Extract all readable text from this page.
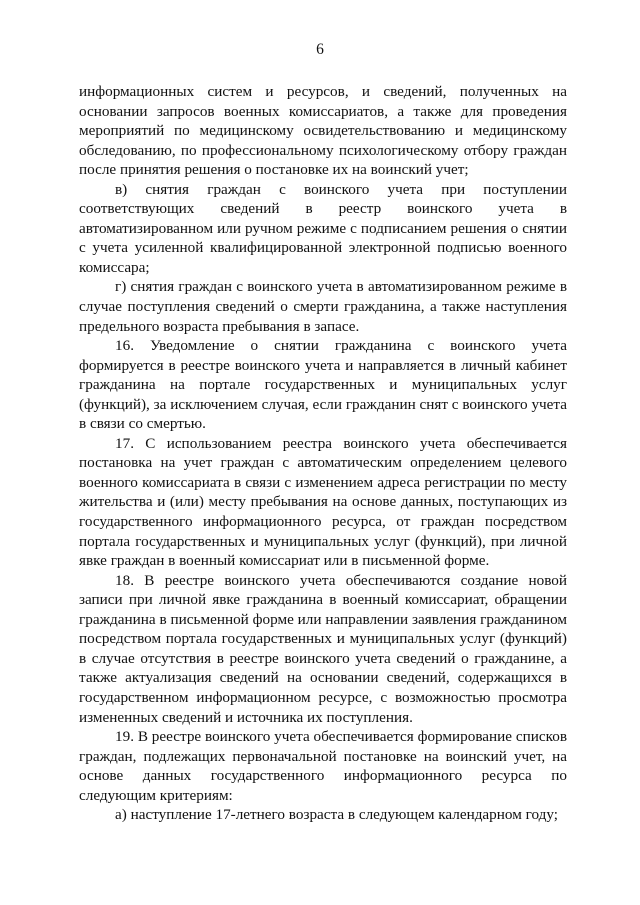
6

информационных систем и ресурсов, и сведений, полученных на основании запросов военных комиссариатов, а также для проведения мероприятий по медицинскому освидетельствованию и медицинскому обследованию, по профессиональному психологическому отбору граждан после принятия решения о постановке их на воинский учет;

в) снятия граждан с воинского учета при поступлении соответствующих сведений в реестр воинского учета в автоматизированном или ручном режиме с подписанием решения о снятии с учета усиленной квалифицированной электронной подписью военного комиссара;

г) снятия граждан с воинского учета в автоматизированном режиме в случае поступления сведений о смерти гражданина, а также наступления предельного возраста пребывания в запасе.

16. Уведомление о снятии гражданина с воинского учета формируется в реестре воинского учета и направляется в личный кабинет гражданина на портале государственных и муниципальных услуг (функций), за исключением случая, если гражданин снят с воинского учета в связи со смертью.

17. С использованием реестра воинского учета обеспечивается постановка на учет граждан с автоматическим определением целевого военного комиссариата в связи с изменением адреса регистрации по месту жительства и (или) месту пребывания на основе данных, поступающих из государственного информационного ресурса, от граждан посредством портала государственных и муниципальных услуг (функций), при личной явке граждан в военный комиссариат или в письменной форме.

18. В реестре воинского учета обеспечиваются создание новой записи при личной явке гражданина в военный комиссариат, обращении гражданина в письменной форме или направлении заявления гражданином посредством портала государственных и муниципальных услуг (функций) в случае отсутствия в реестре воинского учета сведений о гражданине, а также актуализация сведений на основании сведений, содержащихся в государственном информационном ресурсе, с возможностью просмотра измененных сведений и источника их поступления.

19. В реестре воинского учета обеспечивается формирование списков граждан, подлежащих первоначальной постановке на воинский учет, на основе данных государственного информационного ресурса по следующим критериям:

а) наступление 17-летнего возраста в следующем календарном году;
